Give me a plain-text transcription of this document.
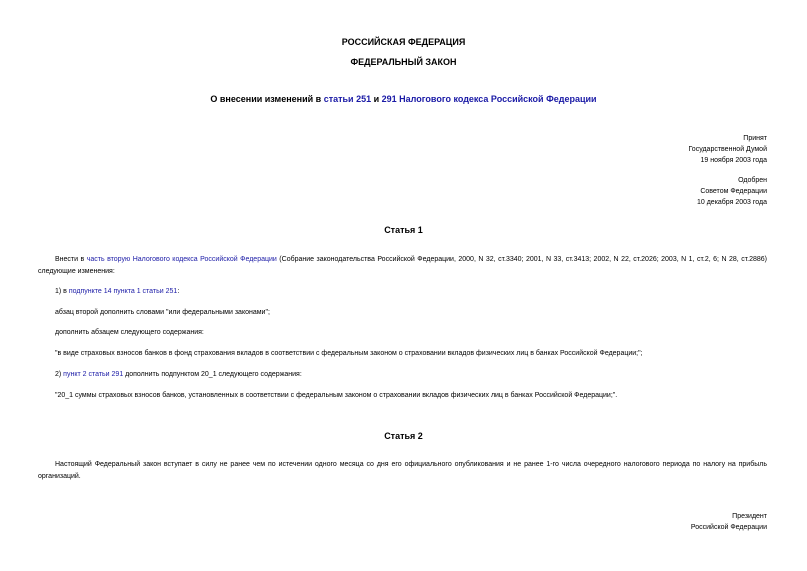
РОССИЙСКАЯ ФЕДЕРАЦИЯ
ФЕДЕРАЛЬНЫЙ ЗАКОН
О внесении изменений в статьи 251 и 291 Налогового кодекса Российской Федерации
Принят
Государственной Думой
19 ноября 2003 года
Одобрен
Советом Федерации
10 декабря 2003 года
Статья 1
Внести в часть вторую Налогового кодекса Российской Федерации (Собрание законодательства Российской Федерации, 2000, N 32, ст.3340; 2001, N 33, ст.3413; 2002, N 22, ст.2026; 2003, N 1, ст.2, 6; N 28, ст.2886) следующие изменения:
1) в подпункте 14 пункта 1 статьи 251:
абзац второй дополнить словами "или федеральными законами";
дополнить абзацем следующего содержания:
"в виде страховых взносов банков в фонд страхования вкладов в соответствии с федеральным законом о страховании вкладов физических лиц в банках Российской Федерации;";
2) пункт 2 статьи 291 дополнить подпунктом 20_1 следующего содержания:
"20_1 суммы страховых взносов банков, установленных в соответствии с федеральным законом о страховании вкладов физических лиц в банках Российской Федерации;".
Статья 2
Настоящий Федеральный закон вступает в силу не ранее чем по истечении одного месяца со дня его официального опубликования и не ранее 1-го числа очередного налогового периода по налогу на прибыль организаций.
Президент
Российской Федерации
